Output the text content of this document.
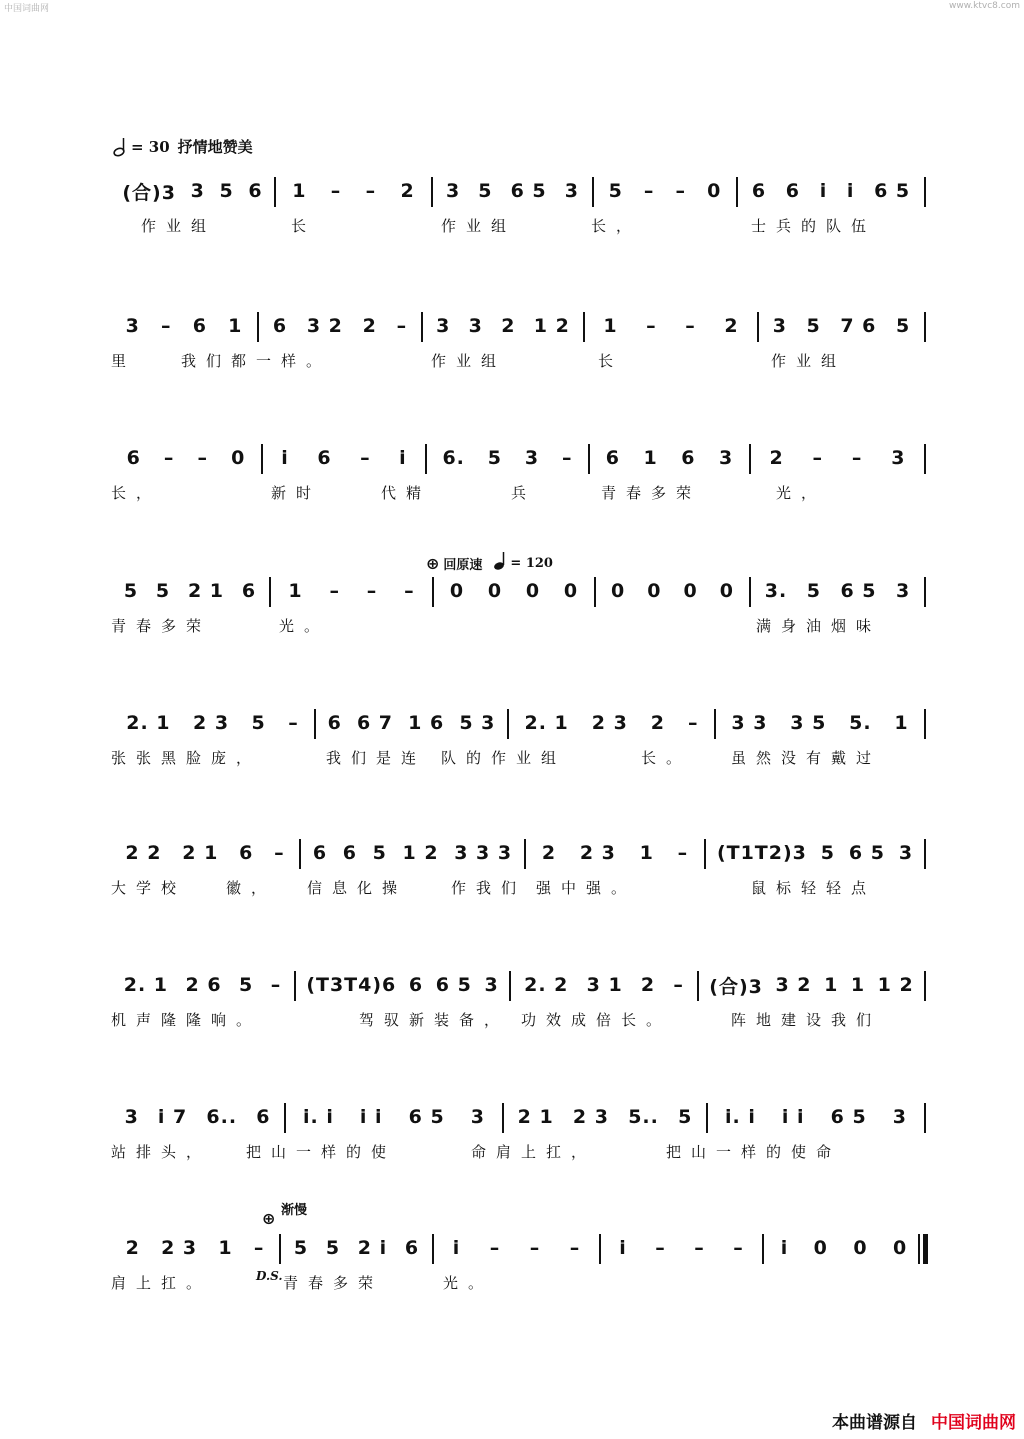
中国词曲网	www.ktvc8.com
= 30 抒情地赞美
(合)3 3 5 6 1 – – 2 3 5 6 5 3 5 – – 0 6 6 i i 6 5
作业组	长	作业组	长，	士兵的队伍
3 – 6 1 6 3 2 2 – 3 3 2 1 2 1 – – 2 3 5 7 6 5
里	我们都一样。	作业组	长	作业组
6 – – 0 i 6 – i 6. 5 3 – 6 1 6 3 2 – – 3
长，	新时	代精	兵	青春多荣	光，
5 5 2 1 6 1 – – – 0 0 0 0 0 0 0 0 3. 5 6 5 3
青春多荣	光。	满身油烟味
2. 1 2 3 5 – 6 6 7 1 6 5 3 2. 1 2 3 2 – 3 3 3 5 5. 1
张张黑脸庞，	我们是连 队的作业组	长。	虽然没有戴过
2 2 2 1 6 – 6 6 5 1 2 3 3 3 2 2 3 1 – (T1T2)3 5 6 5 3
大学校	徽，	信息化操	作我们 强中强。	鼠标轻轻点
2. 1 2 6 5 – (T3T4)6 6 6 5 3 2. 2 3 1 2 – (合)3 3 2 1 1 1 2
机声隆隆响。	驾驭新装备， 功效成倍长。	阵地建设我们
3 i 7 6.. 6 i. i i i 6 5 3 2 1 2 3 5.. 5 i. i i i 6 5 3
站排头，	把山一样的使	命肩上扛，	把山一样的使命
2 2 3 1 – 5 5 2 i 6 i – – – i – – – i 0 0 0
肩上扛。	青春多荣	光。
⊕ 回原速 = 120
渐慢
⊕
D.S.
本曲谱源自 中国词曲网
